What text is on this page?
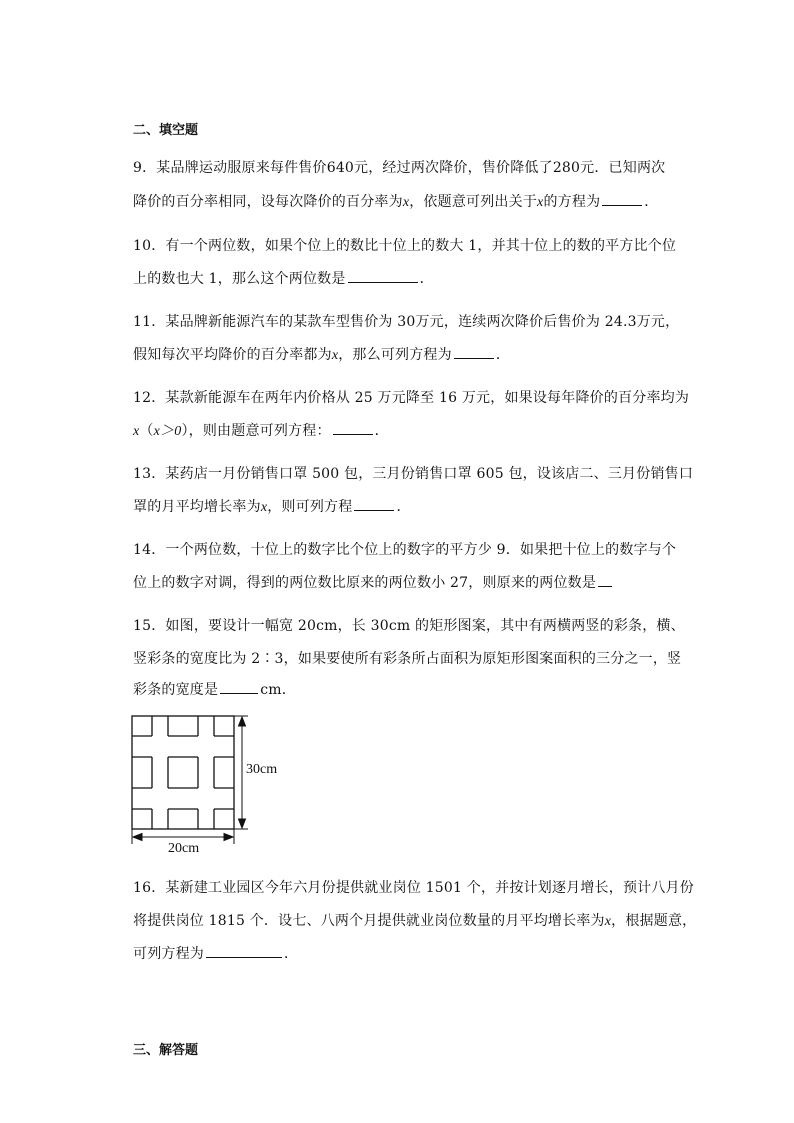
二、填空题
9．某品牌运动服原来每件售价640元，经过两次降价，售价降低了280元．已知两次
降价的百分率相同，设每次降价的百分率为x，依题意可列出关于x的方程为	．
10．有一个两位数，如果个位上的数比十位上的数大 1，并其十位上的数的平方比个位
上的数也大 1，那么这个两位数是	．
11．某品牌新能源汽车的某款车型售价为 30万元，连续两次降价后售价为 24.3万元，
假知每次平均降价的百分率都为x，那么可列方程为	．
12．某款新能源车在两年内价格从 25 万元降至 16 万元，如果设每年降价的百分率均为
x（x＞0），则由题意可列方程：	．
13．某药店一月份销售口罩 500 包，三月份销售口罩 605 包，设该店二、三月份销售口
罩的月平均增长率为x，则可列方程	．
14．一个两位数，十位上的数字比个位上的数字的平方少 9．如果把十位上的数字与个
位上的数字对调，得到的两位数比原来的两位数小 27，则原来的两位数是
15．如图，要设计一幅宽 20cm，长 30cm 的矩形图案，其中有两横两竖的彩条，横、
竖彩条的宽度比为 2∶3，如果要使所有彩条所占面积为原矩形图案面积的三分之一，竖
彩条的宽度是	cm．
30cm
20cm
16．某新建工业园区今年六月份提供就业岗位 1501 个，并按计划逐月增长，预计八月份
将提供岗位 1815 个．设七、八两个月提供就业岗位数量的月平均增长率为x，根据题意，
可列方程为	．
三、解答题
